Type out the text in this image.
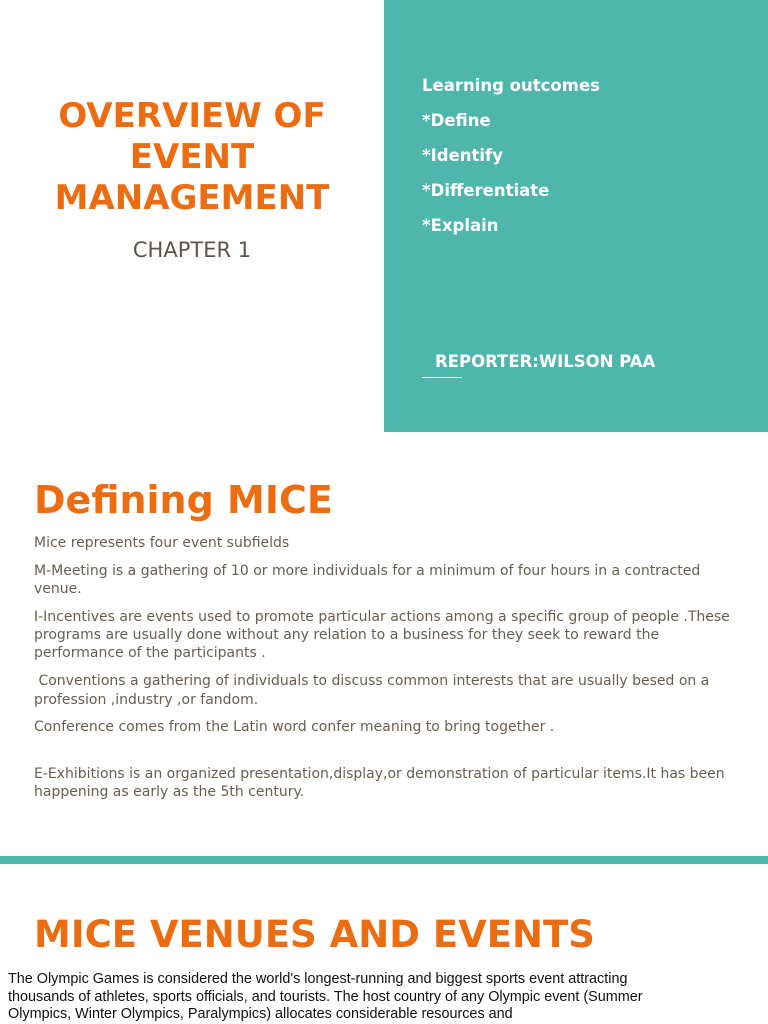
OVERVIEW OF
EVENT
MANAGEMENT
CHAPTER 1
Learning outcomes
*Define
*Identify
*Differentiate
*Explain
REPORTER:WILSON PAA
Defining MICE

Mice represents four event subfields

M-Meeting is a gathering of 10 or more individuals for a minimum of four hours in a contracted venue.

I-Incentives are events used to promote particular actions among a specific group of people .These programs are usually done without any relation to a business for they seek to reward the performance of the participants .

Conventions a gathering of individuals to discuss common interests that are usually besed on a profession ,industry ,or fandom.

Conference comes from the Latin word confer meaning to bring together .

E-Exhibitions is an organized presentation,display,or demonstration of particular items.It has been happening as early as the 5th century.

MICE VENUES AND EVENTS

The Olympic Games is considered the world's longest-running and biggest sports event attracting thousands of athletes, sports officials, and tourists. The host country of any Olympic event (Summer Olympics, Winter Olympics, Paralympics) allocates considerable resources and
